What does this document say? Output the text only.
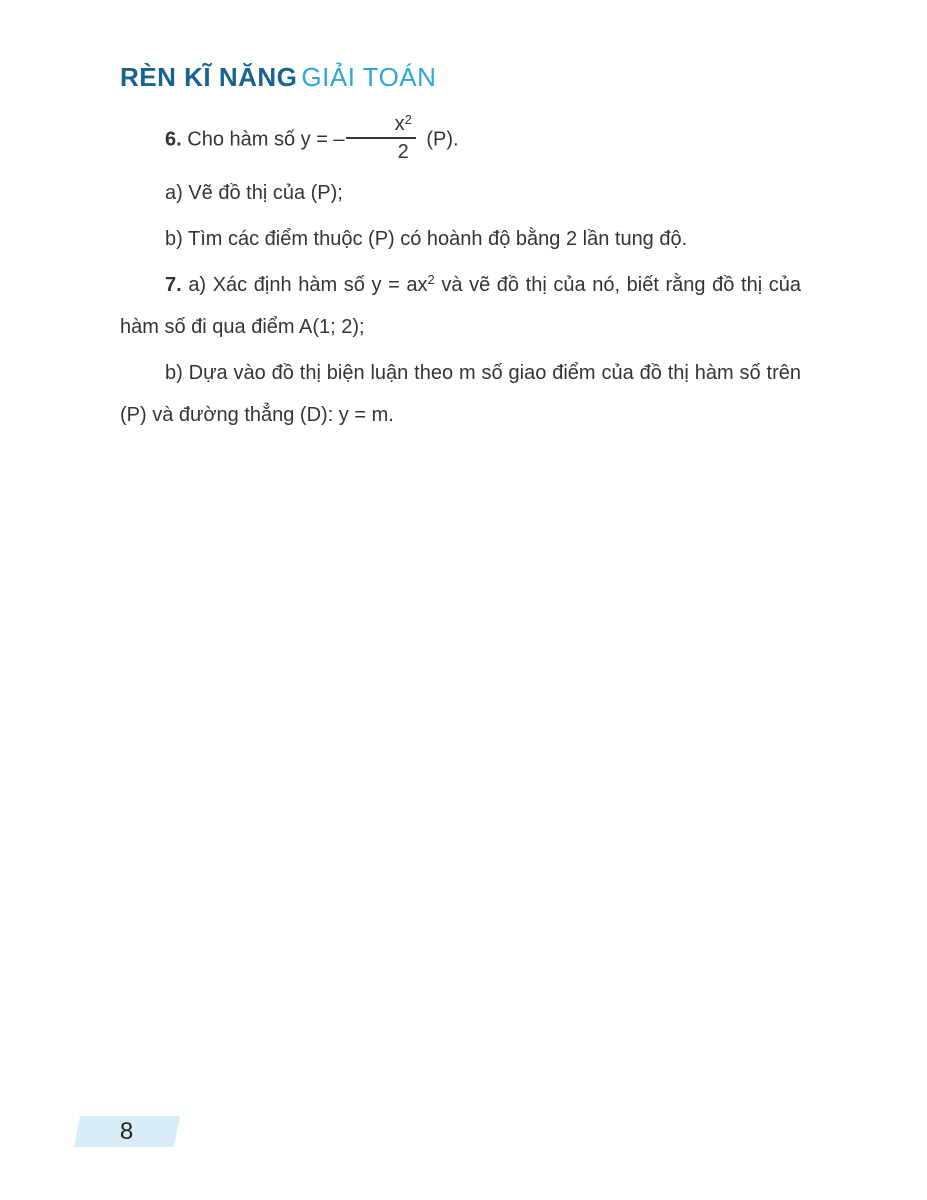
RÈN KĨ NĂNG GIẢI TOÁN

6. Cho hàm số y = – $\frac{x^2}{2} (P)$.

a) Vẽ đồ thị của (P);

b) Tìm các điểm thuộc (P) có hoành độ bằng 2 lần tung độ.

7. a) Xác định hàm số $y = ax^2$ và vẽ đồ thị của nó, biết rằng đồ thị của
hàm số đi qua điểm A(1; 2);
b) Dựa vào đồ thị biện luận theo m số giao điểm của đồ thị hàm số trên
(P) và đường thẳng (D): y = m.
8
